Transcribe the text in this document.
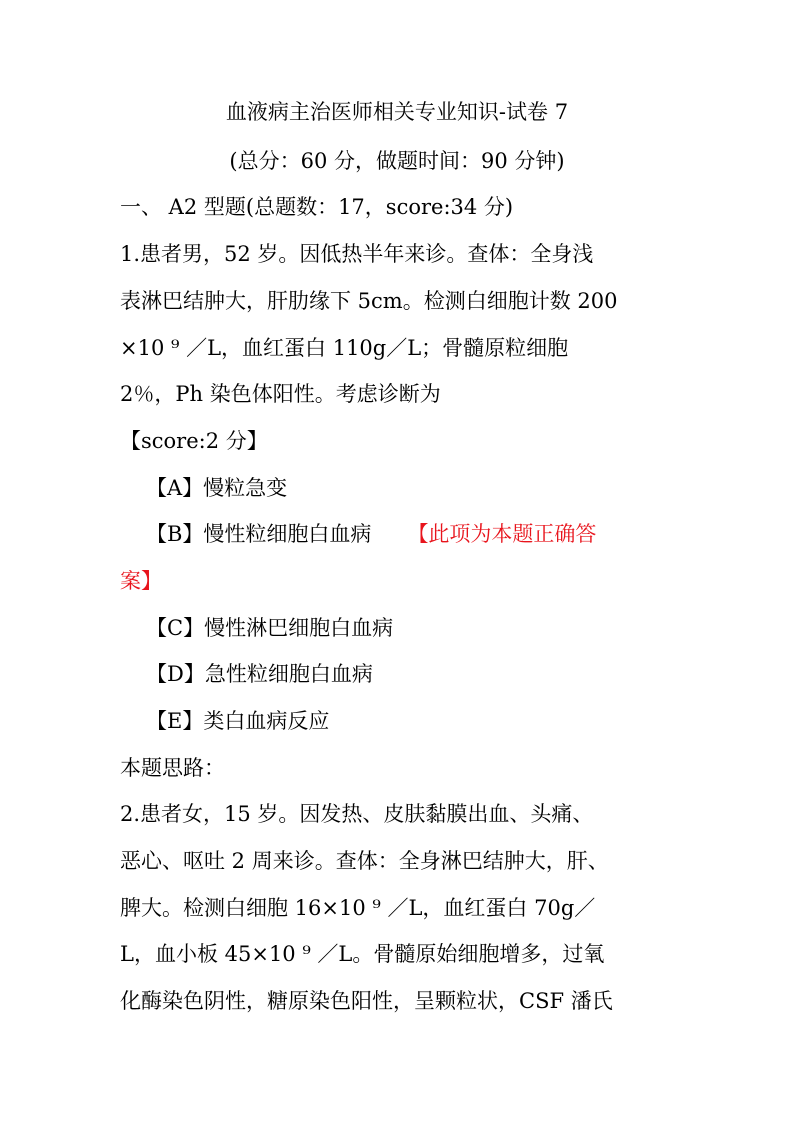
血液病主治医师相关专业知识-试卷 7
(总分：60 分，做题时间：90 分钟)
一、 A2 型题(总题数：17，score:34 分)
1.患者男，52 岁。因低热半年来诊。查体：全身浅
表淋巴结肿大，肝肋缘下 5cm。检测白细胞计数 200
×10 ⁹ ／L，血红蛋白 110g／L；骨髓原粒细胞
2％，Ph 染色体阳性。考虑诊断为
【score:2 分】
【A】慢粒急变
【B】慢性粒细胞白血病 【此项为本题正确答
案】
【C】慢性淋巴细胞白血病
【D】急性粒细胞白血病
【E】类白血病反应
本题思路：
2.患者女，15 岁。因发热、皮肤黏膜出血、头痛、
恶心、呕吐 2 周来诊。查体：全身淋巴结肿大，肝、
脾大。检测白细胞 16×10 ⁹ ／L，血红蛋白 70g／
L，血小板 45×10 ⁹ ／L。骨髓原始细胞增多，过氧
化酶染色阴性，糖原染色阳性，呈颗粒状，CSF 潘氏
